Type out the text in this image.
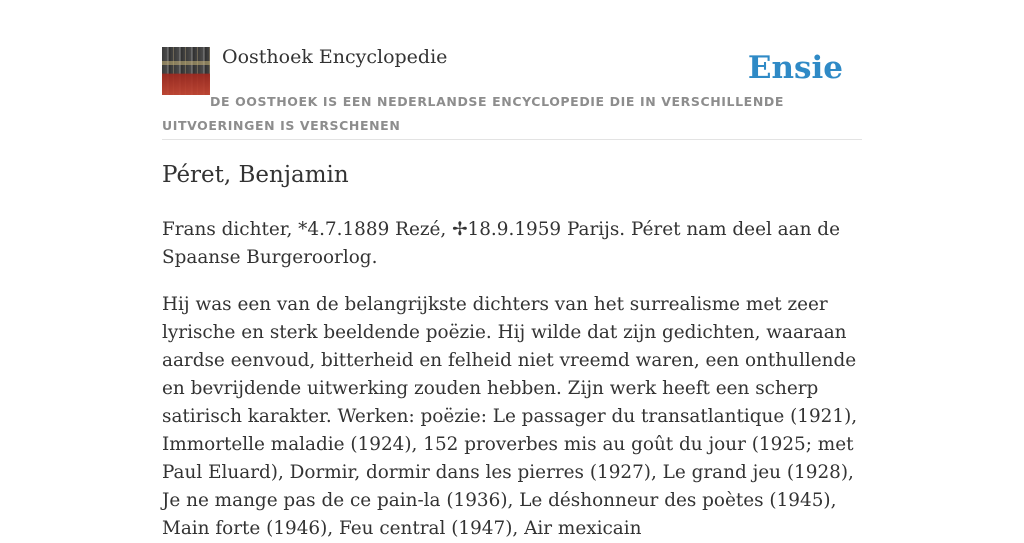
Oosthoek Encyclopedie	Ensie
DE OOSTHOEK IS EEN NEDERLANDSE ENCYCLOPEDIE DIE IN VERSCHILLENDE UITVOERINGEN IS VERSCHENEN
Péret, Benjamin

Frans dichter, *4.7.1889 Rezé, ✢18.9.1959 Parijs. Péret nam deel aan de Spaanse Burgeroorlog.

Hij was een van de belangrijkste dichters van het surrealisme met zeer lyrische en sterk beeldende poëzie. Hij wilde dat zijn gedichten, waaraan aardse eenvoud, bitterheid en felheid niet vreemd waren, een onthullende en bevrijdende uitwerking zouden hebben. Zijn werk heeft een scherp satirisch karakter. Werken: poëzie: Le passager du transatlantique (1921), Immortelle maladie (1924), 152 proverbes mis au goût du jour (1925; met Paul Eluard), Dormir, dormir dans les pierres (1927), Le grand jeu (1928), Je ne mange pas de ce pain-la (1936), Le déshonneur des poètes (1945), Main forte (1946), Feu central (1947), Air mexicain
